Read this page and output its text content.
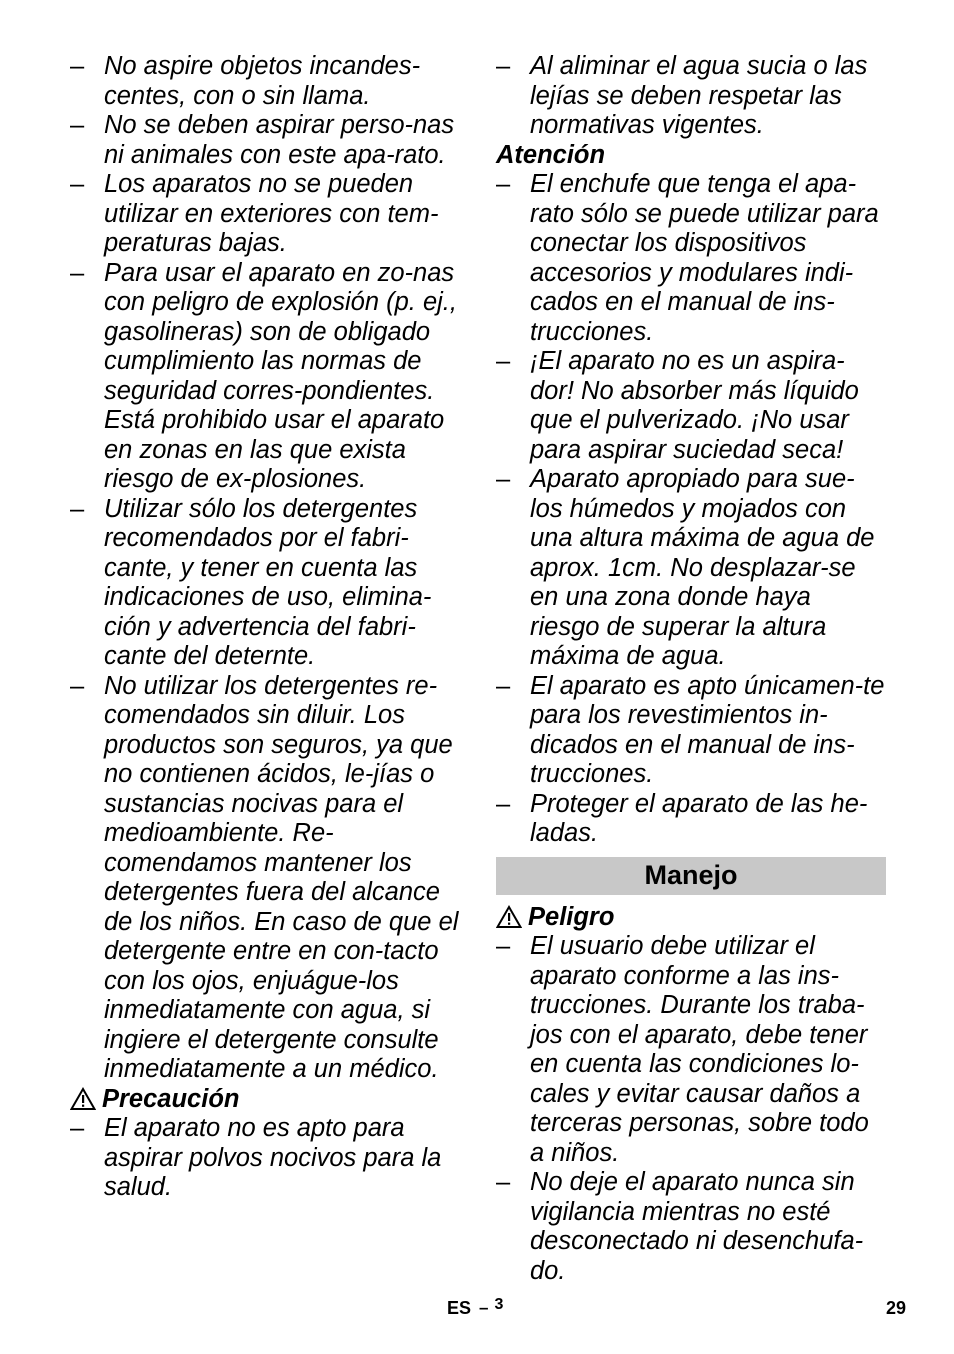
– No aspire objetos incandes-centes, con o sin llama.
– No se deben aspirar perso-nas ni animales con este apa-rato.
– Los aparatos no se pueden utilizar en exteriores con tem-peraturas bajas.
– Para usar el aparato en zo-nas con peligro de explosión (p. ej., gasolineras) son de obligado cumplimiento las normas de seguridad corres-pondientes. Está prohibido usar el aparato en zonas en las que exista riesgo de ex-plosiones.
– Utilizar sólo los detergentes recomendados por el fabri-cante, y tener en cuenta las indicaciones de uso, elimina-ción y advertencia del fabri-cante del deternte.
– No utilizar los detergentes re-comendados sin diluir. Los productos son seguros, ya que no contienen ácidos, le-jías o sustancias nocivas para el medioambiente. Re-comendamos mantener los detergentes fuera del alcance de los niños. En caso de que el detergente entre en con-tacto con los ojos, enjuágue-los inmediatamente con agua, si ingiere el detergente consulte inmediatamente a un médico.
Precaución
– El aparato no es apto para aspirar polvos nocivos para la salud.
– Al aliminar el agua sucia o las lejías se deben respetar las normativas vigentes.
Atención
– El enchufe que tenga el apa-rato sólo se puede utilizar para conectar los dispositivos accesorios y modulares indi-cados en el manual de ins-trucciones.
– ¡El aparato no es un aspira-dor! No absorber más líquido que el pulverizado. ¡No usar para aspirar suciedad seca!
– Aparato apropiado para sue-los húmedos y mojados con una altura máxima de agua de aprox. 1cm. No desplazar-se en una zona donde haya riesgo de superar la altura máxima de agua.
– El aparato es apto únicamen-te para los revestimientos in-dicados en el manual de ins-trucciones.
– Proteger el aparato de las he-ladas.
Manejo
Peligro
– El usuario debe utilizar el aparato conforme a las ins-trucciones. Durante los traba-jos con el aparato, debe tener en cuenta las condiciones lo-cales y evitar causar daños a terceras personas, sobre todo a niños.
– No deje el aparato nunca sin vigilancia mientras no esté desconectado ni desenchufa-do.
ES – 3	29
